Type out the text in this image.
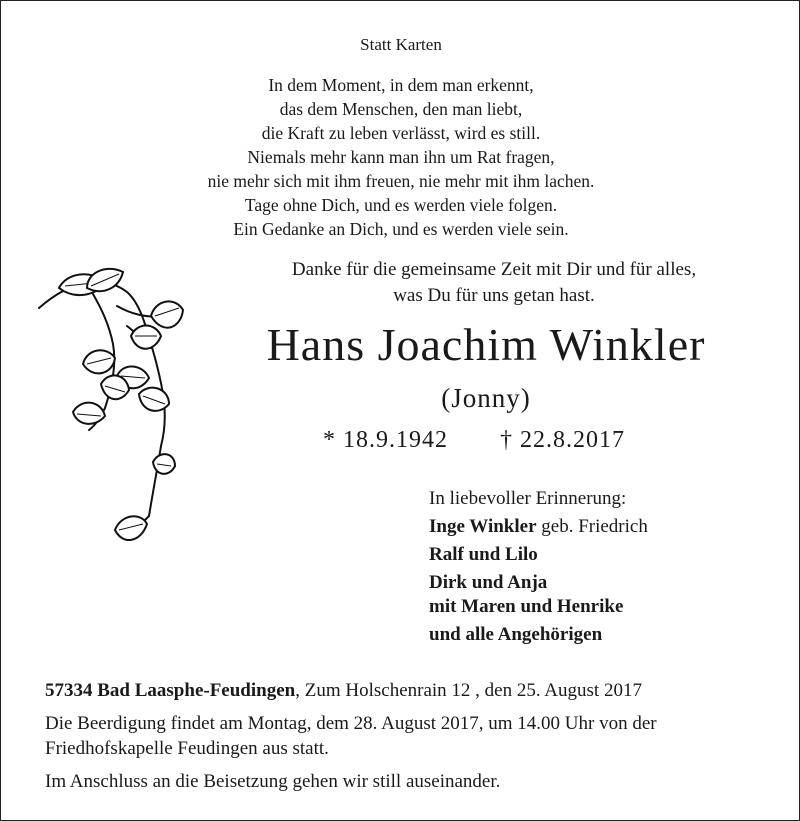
Statt Karten
In dem Moment, in dem man erkennt,
das dem Menschen, den man liebt,
die Kraft zu leben verlässt, wird es still.
Niemals mehr kann man ihn um Rat fragen,
nie mehr sich mit ihm freuen, nie mehr mit ihm lachen.
Tage ohne Dich, und es werden viele folgen.
Ein Gedanke an Dich, und es werden viele sein.
Danke für die gemeinsame Zeit mit Dir und für alles,
was Du für uns getan hast.
Hans Joachim Winkler
(Jonny)
* 18.9.1942 † 22.8.2017
In liebevoller Erinnerung:
Inge Winkler geb. Friedrich
Ralf und Lilo
Dirk und Anja
mit Maren und Henrike
und alle Angehörigen
57334 Bad Laasphe-Feudingen, Zum Holschenrain 12 , den 25. August 2017
Die Beerdigung findet am Montag, dem 28. August 2017, um 14.00 Uhr von der
Friedhofskapelle Feudingen aus statt.
Im Anschluss an die Beisetzung gehen wir still auseinander.
